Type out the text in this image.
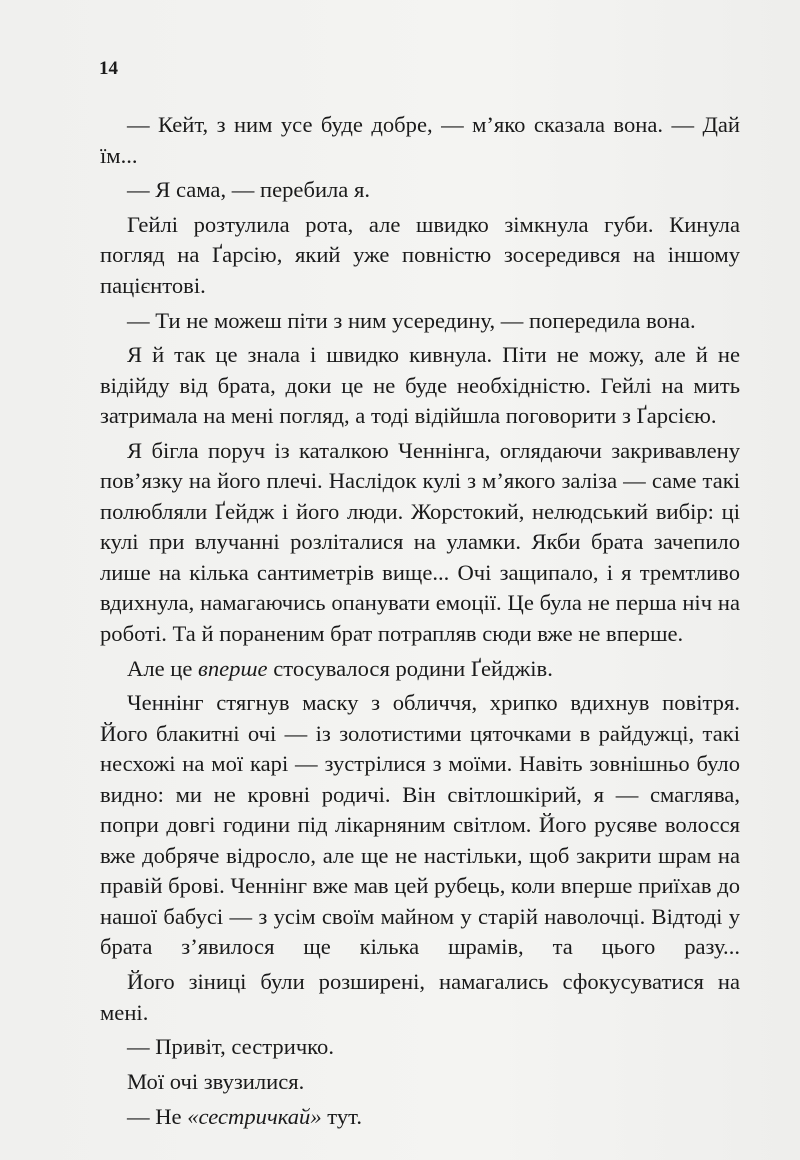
14

— Кейт, з ним усе буде добре, — м’яко сказала вона. — Дай їм...

— Я сама, — перебила я.

Гейлі розтулила рота, але швидко зімкнула губи. Кинула погляд на Ґарсію, який уже повністю зосередився на іншому пацієнтові.

— Ти не можеш піти з ним усередину, — попередила вона.

Я й так це знала і швидко кивнула. Піти не можу, але й не відійду від брата, доки це не буде необхідністю. Гейлі на мить затримала на мені погляд, а тоді відійшла поговорити з Ґарсією.

Я бігла поруч із каталкою Ченнінга, оглядаючи закривавлену пов’язку на його плечі. Наслідок кулі з м’якого заліза — саме такі полюбляли Ґейдж і його люди. Жорстокий, нелюдський вибір: ці кулі при влучанні розліталися на уламки. Якби брата зачепило лише на кілька сантиметрів вище... Очі защипало, і я тремтливо вдихнула, намагаючись опанувати емоції. Це була не перша ніч на роботі. Та й пораненим брат потрапляв сюди вже не вперше.

Але це вперше стосувалося родини Ґейджів.

Ченнінг стягнув маску з обличчя, хрипко вдихнув повітря. Його блакитні очі — із золотистими цяточками в райдужці, такі несхожі на мої карі — зустрілися з моїми. Навіть зовнішньо було видно: ми не кровні родичі. Він світлошкірий, я — смаглява, попри довгі години під лікарняним світлом. Його русяве волосся вже добряче відросло, але ще не настільки, щоб закрити шрам на правій брові. Ченнінг вже мав цей рубець, коли вперше приїхав до нашої бабусі — з усім своїм майном у старій наволочці. Відтоді у брата з’явилося ще кілька шрамів, та цього разу...

Його зіниці були розширені, намагались сфокусуватися на мені.

— Привіт, сестричко.

Мої очі звузилися.

— Не «сестричкай» тут.
